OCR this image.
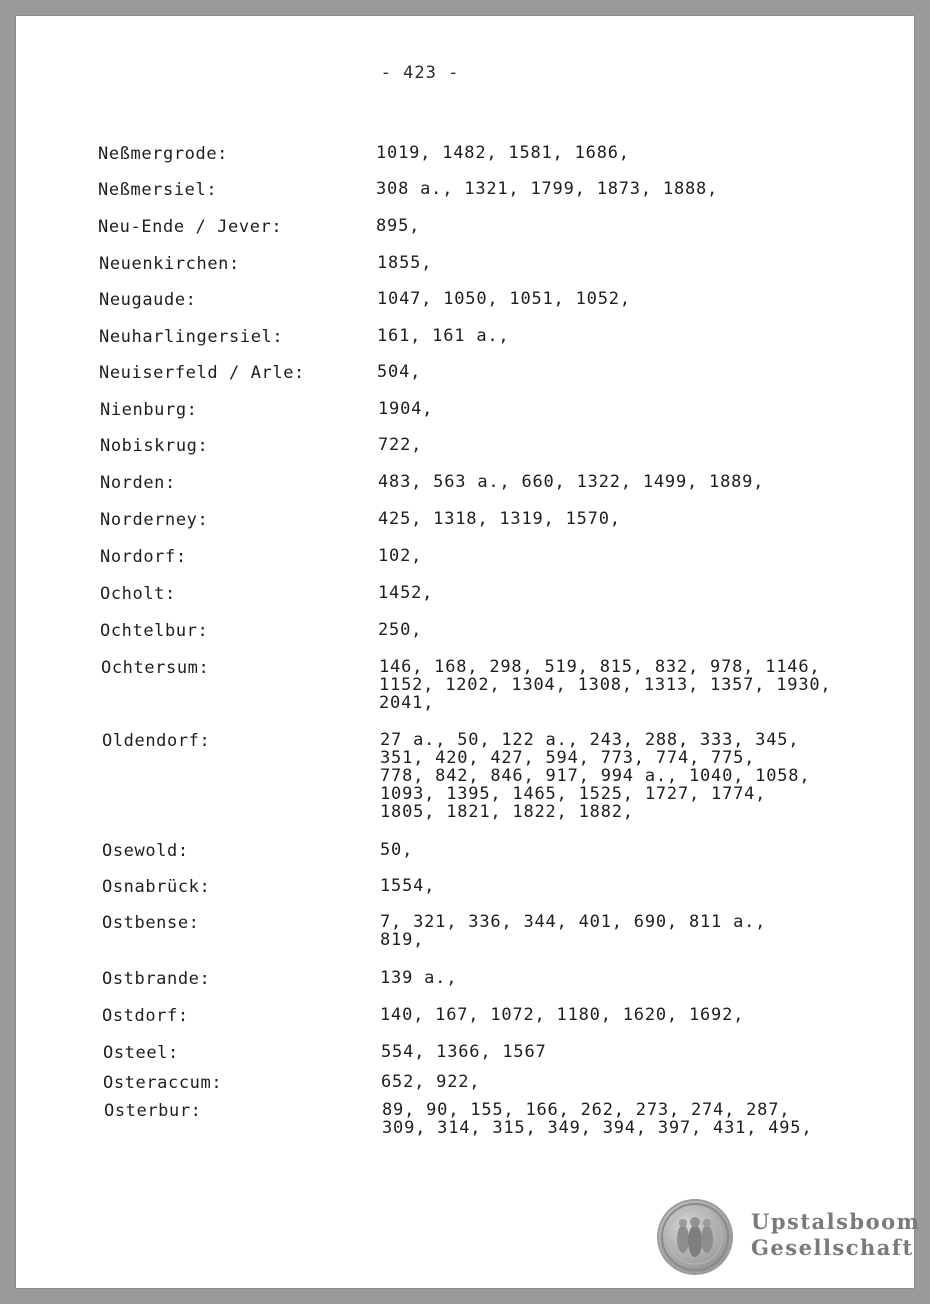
- 423 -
Neßmergrode:	1019, 1482, 1581, 1686,
Neßmersiel:	308 a., 1321, 1799, 1873, 1888,
Neu-Ende / Jever:	895,
Neuenkirchen:	1855,
Neugaude:	1047, 1050, 1051, 1052,
Neuharlingersiel:	161, 161 a.,
Neuiserfeld / Arle:	504,
Nienburg:	1904,
Nobiskrug:	722,
Norden:	483, 563 a., 660, 1322, 1499, 1889,
Norderney:	425, 1318, 1319, 1570,
Nordorf:	102,
Ocholt:	1452,
Ochtelbur:	250,
Ochtersum:	146, 168, 298, 519, 815, 832, 978, 1146,
1152, 1202, 1304, 1308, 1313, 1357, 1930,
2041,
Oldendorf:	27 a., 50, 122 a., 243, 288, 333, 345,
351, 420, 427, 594, 773, 774, 775,
778, 842, 846, 917, 994 a., 1040, 1058,
1093, 1395, 1465, 1525, 1727, 1774,
1805, 1821, 1822, 1882,
Osewold:	50,
Osnabrück:	1554,
Ostbense:	7, 321, 336, 344, 401, 690, 811 a.,
819,
Ostbrande:	139 a.,
Ostdorf:	140, 167, 1072, 1180, 1620, 1692,
Osteel:	554, 1366, 1567
Osteraccum:	652, 922,
Osterbur:	89, 90, 155, 166, 262, 273, 274, 287,
309, 314, 315, 349, 394, 397, 431, 495,
Upstalsboom
Gesellschaft
